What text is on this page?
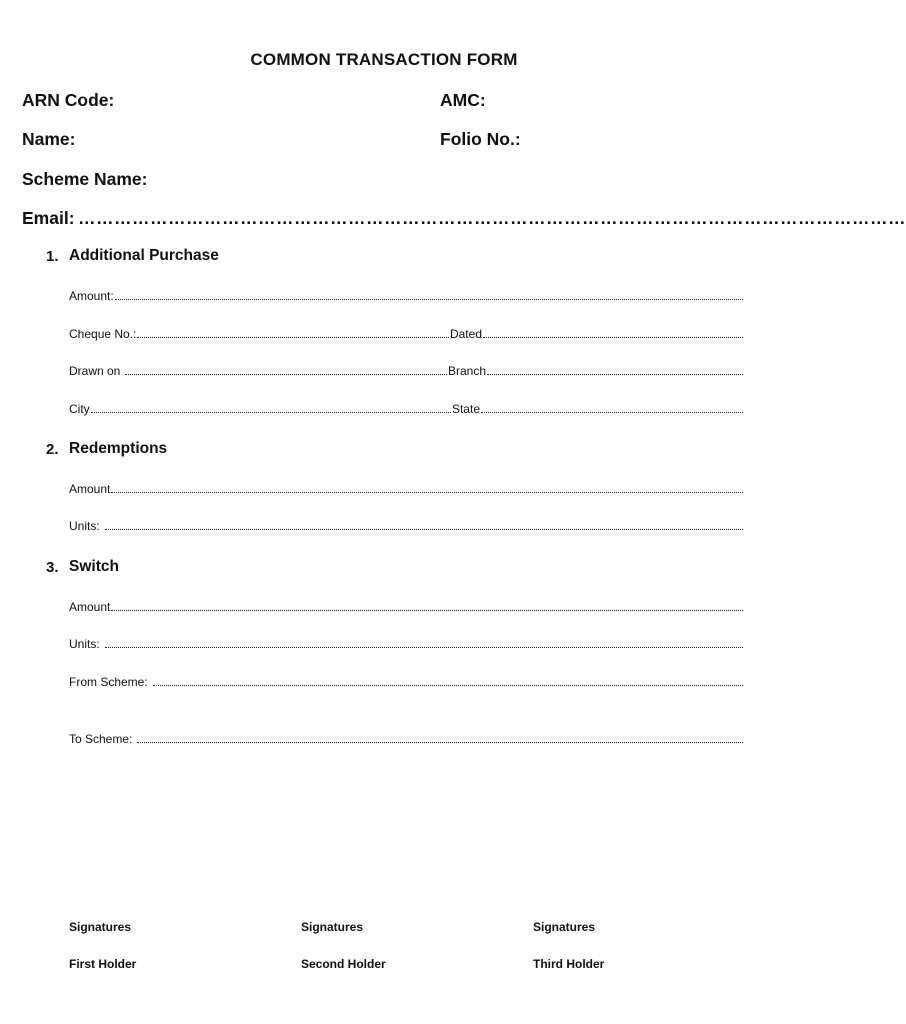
COMMON TRANSACTION FORM
ARN Code:	AMC:
Name:	Folio No.:
Scheme Name:
Email: …………………………………………………………………………………………………………………………
1. Additional Purchase
Amount:
Cheque No.:	Dated
Drawn on	Branch
City	State
2. Redemptions
Amount
Units:
3. Switch
Amount
Units:
From Scheme:
To Scheme:
Signatures	Signatures	Signatures
First Holder	Second Holder	Third Holder
